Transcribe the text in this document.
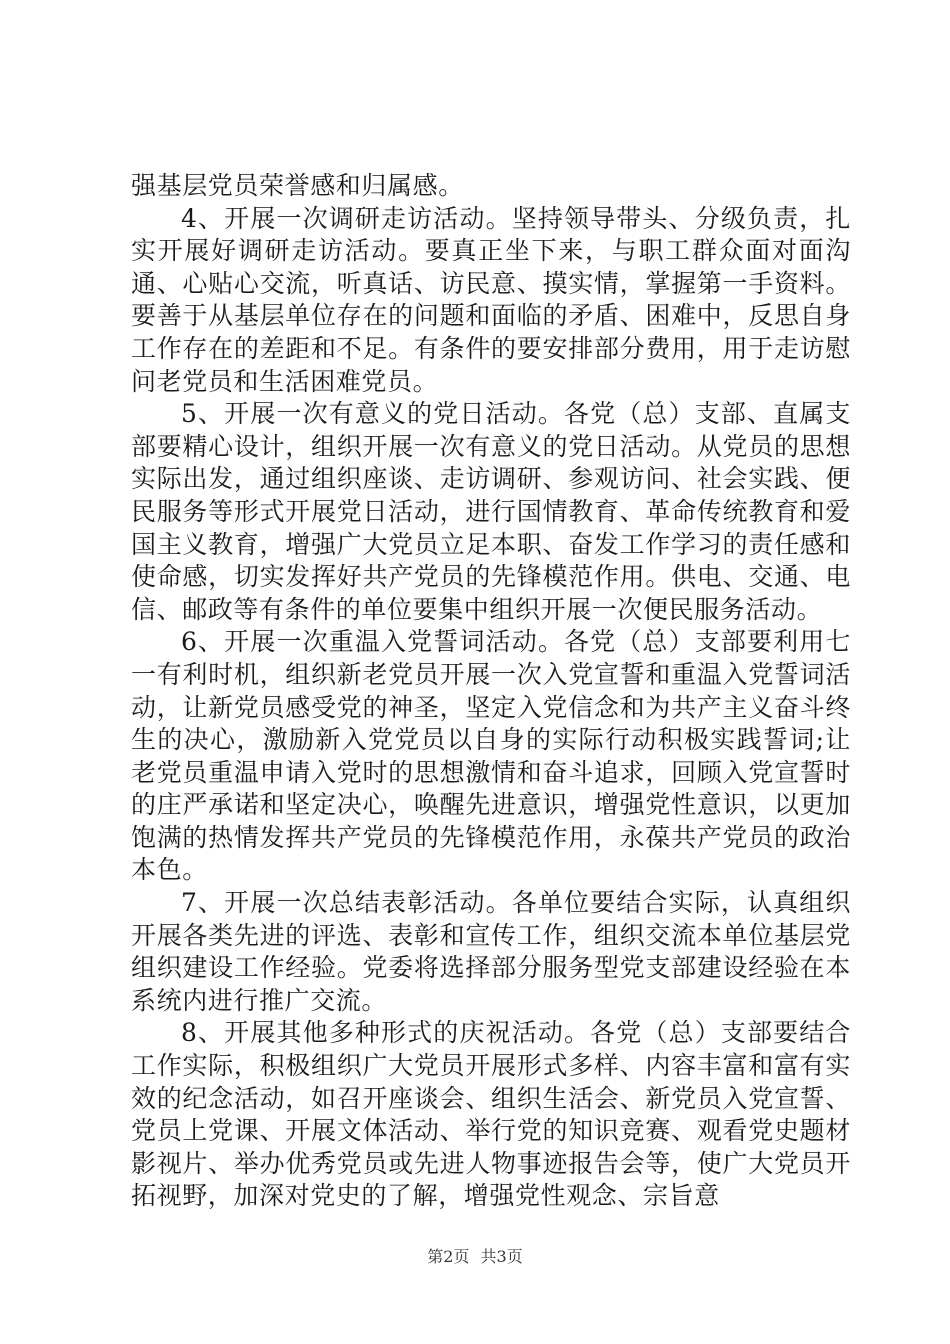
强基层党员荣誉感和归属感。

4、开展一次调研走访活动。坚持领导带头、分级负责，扎实开展好调研走访活动。要真正坐下来，与职工群众面对面沟通、心贴心交流，听真话、访民意、摸实情，掌握第一手资料。要善于从基层单位存在的问题和面临的矛盾、困难中，反思自身工作存在的差距和不足。有条件的要安排部分费用，用于走访慰问老党员和生活困难党员。

5、开展一次有意义的党日活动。各党（总）支部、直属支部要精心设计，组织开展一次有意义的党日活动。从党员的思想实际出发，通过组织座谈、走访调研、参观访问、社会实践、便民服务等形式开展党日活动，进行国情教育、革命传统教育和爱国主义教育，增强广大党员立足本职、奋发工作学习的责任感和使命感，切实发挥好共产党员的先锋模范作用。供电、交通、电信、邮政等有条件的单位要集中组织开展一次便民服务活动。

6、开展一次重温入党誓词活动。各党（总）支部要利用七一有利时机，组织新老党员开展一次入党宣誓和重温入党誓词活动，让新党员感受党的神圣，坚定入党信念和为共产主义奋斗终生的决心，激励新入党党员以自身的实际行动积极实践誓词;让老党员重温申请入党时的思想激情和奋斗追求，回顾入党宣誓时的庄严承诺和坚定决心，唤醒先进意识，增强党性意识，以更加饱满的热情发挥共产党员的先锋模范作用，永葆共产党员的政治本色。

7、开展一次总结表彰活动。各单位要结合实际，认真组织开展各类先进的评选、表彰和宣传工作，组织交流本单位基层党组织建设工作经验。党委将选择部分服务型党支部建设经验在本系统内进行推广交流。

8、开展其他多种形式的庆祝活动。各党（总）支部要结合工作实际，积极组织广大党员开展形式多样、内容丰富和富有实效的纪念活动，如召开座谈会、组织生活会、新党员入党宣誓、党员上党课、开展文体活动、举行党的知识竞赛、观看党史题材影视片、举办优秀党员或先进人物事迹报告会等，使广大党员开拓视野，加深对党史的了解，增强党性观念、宗旨意

第2页 共3页
